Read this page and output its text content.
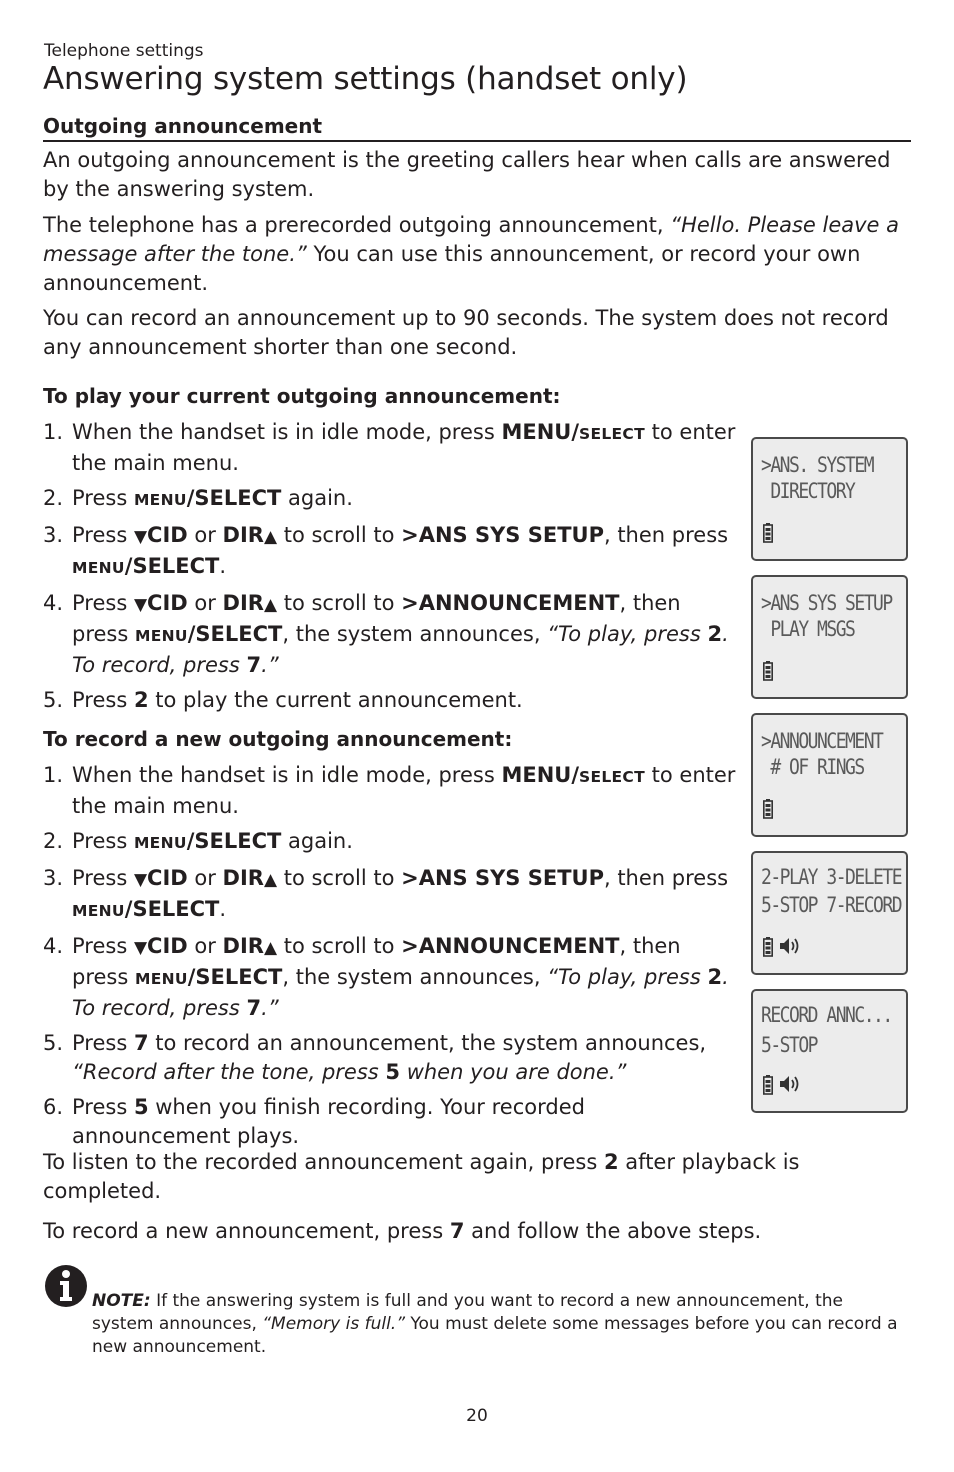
Telephone settings
Answering system settings (handset only)
Outgoing announcement

An outgoing announcement is the greeting callers hear when calls are answered by the answering system.

The telephone has a prerecorded outgoing announcement, “Hello. Please leave a message after the tone.” You can use this announcement, or record your own announcement.

You can record an announcement up to 90 seconds. The system does not record any announcement shorter than one second.

To play your current outgoing announcement:
1. When the handset is in idle mode, press MENU/SELECT to enter the main menu.
2. Press MENU/SELECT again.
3. Press ▼CID or DIR▲ to scroll to >ANS SYS SETUP, then press MENU/SELECT.
4. Press ▼CID or DIR▲ to scroll to >ANNOUNCEMENT, then press MENU/SELECT, the system announces, “To play, press 2. To record, press 7.”
5. Press 2 to play the current announcement.
To record a new outgoing announcement:
1. When the handset is in idle mode, press MENU/SELECT to enter the main menu.
2. Press MENU/SELECT again.
3. Press ▼CID or DIR▲ to scroll to >ANS SYS SETUP, then press MENU/SELECT.
4. Press ▼CID or DIR▲ to scroll to >ANNOUNCEMENT, then press MENU/SELECT, the system announces, “To play, press 2. To record, press 7.”
5. Press 7 to record an announcement, the system announces, “Record after the tone, press 5 when you are done.”
6. Press 5 when you finish recording. Your recorded announcement plays.

To listen to the recorded announcement again, press 2 after playback is completed.

To record a new announcement, press 7 and follow the above steps.

>ANS. SYSTEM
DIRECTORY
>ANS SYS SETUP
PLAY MSGS
>ANNOUNCEMENT
# OF RINGS
2-PLAY 3-DELETE
5-STOP 7-RECORD
RECORD ANNC...
5-STOP
NOTE: If the answering system is full and you want to record a new announcement, the system announces, “Memory is full.” You must delete some messages before you can record a new announcement.
20
